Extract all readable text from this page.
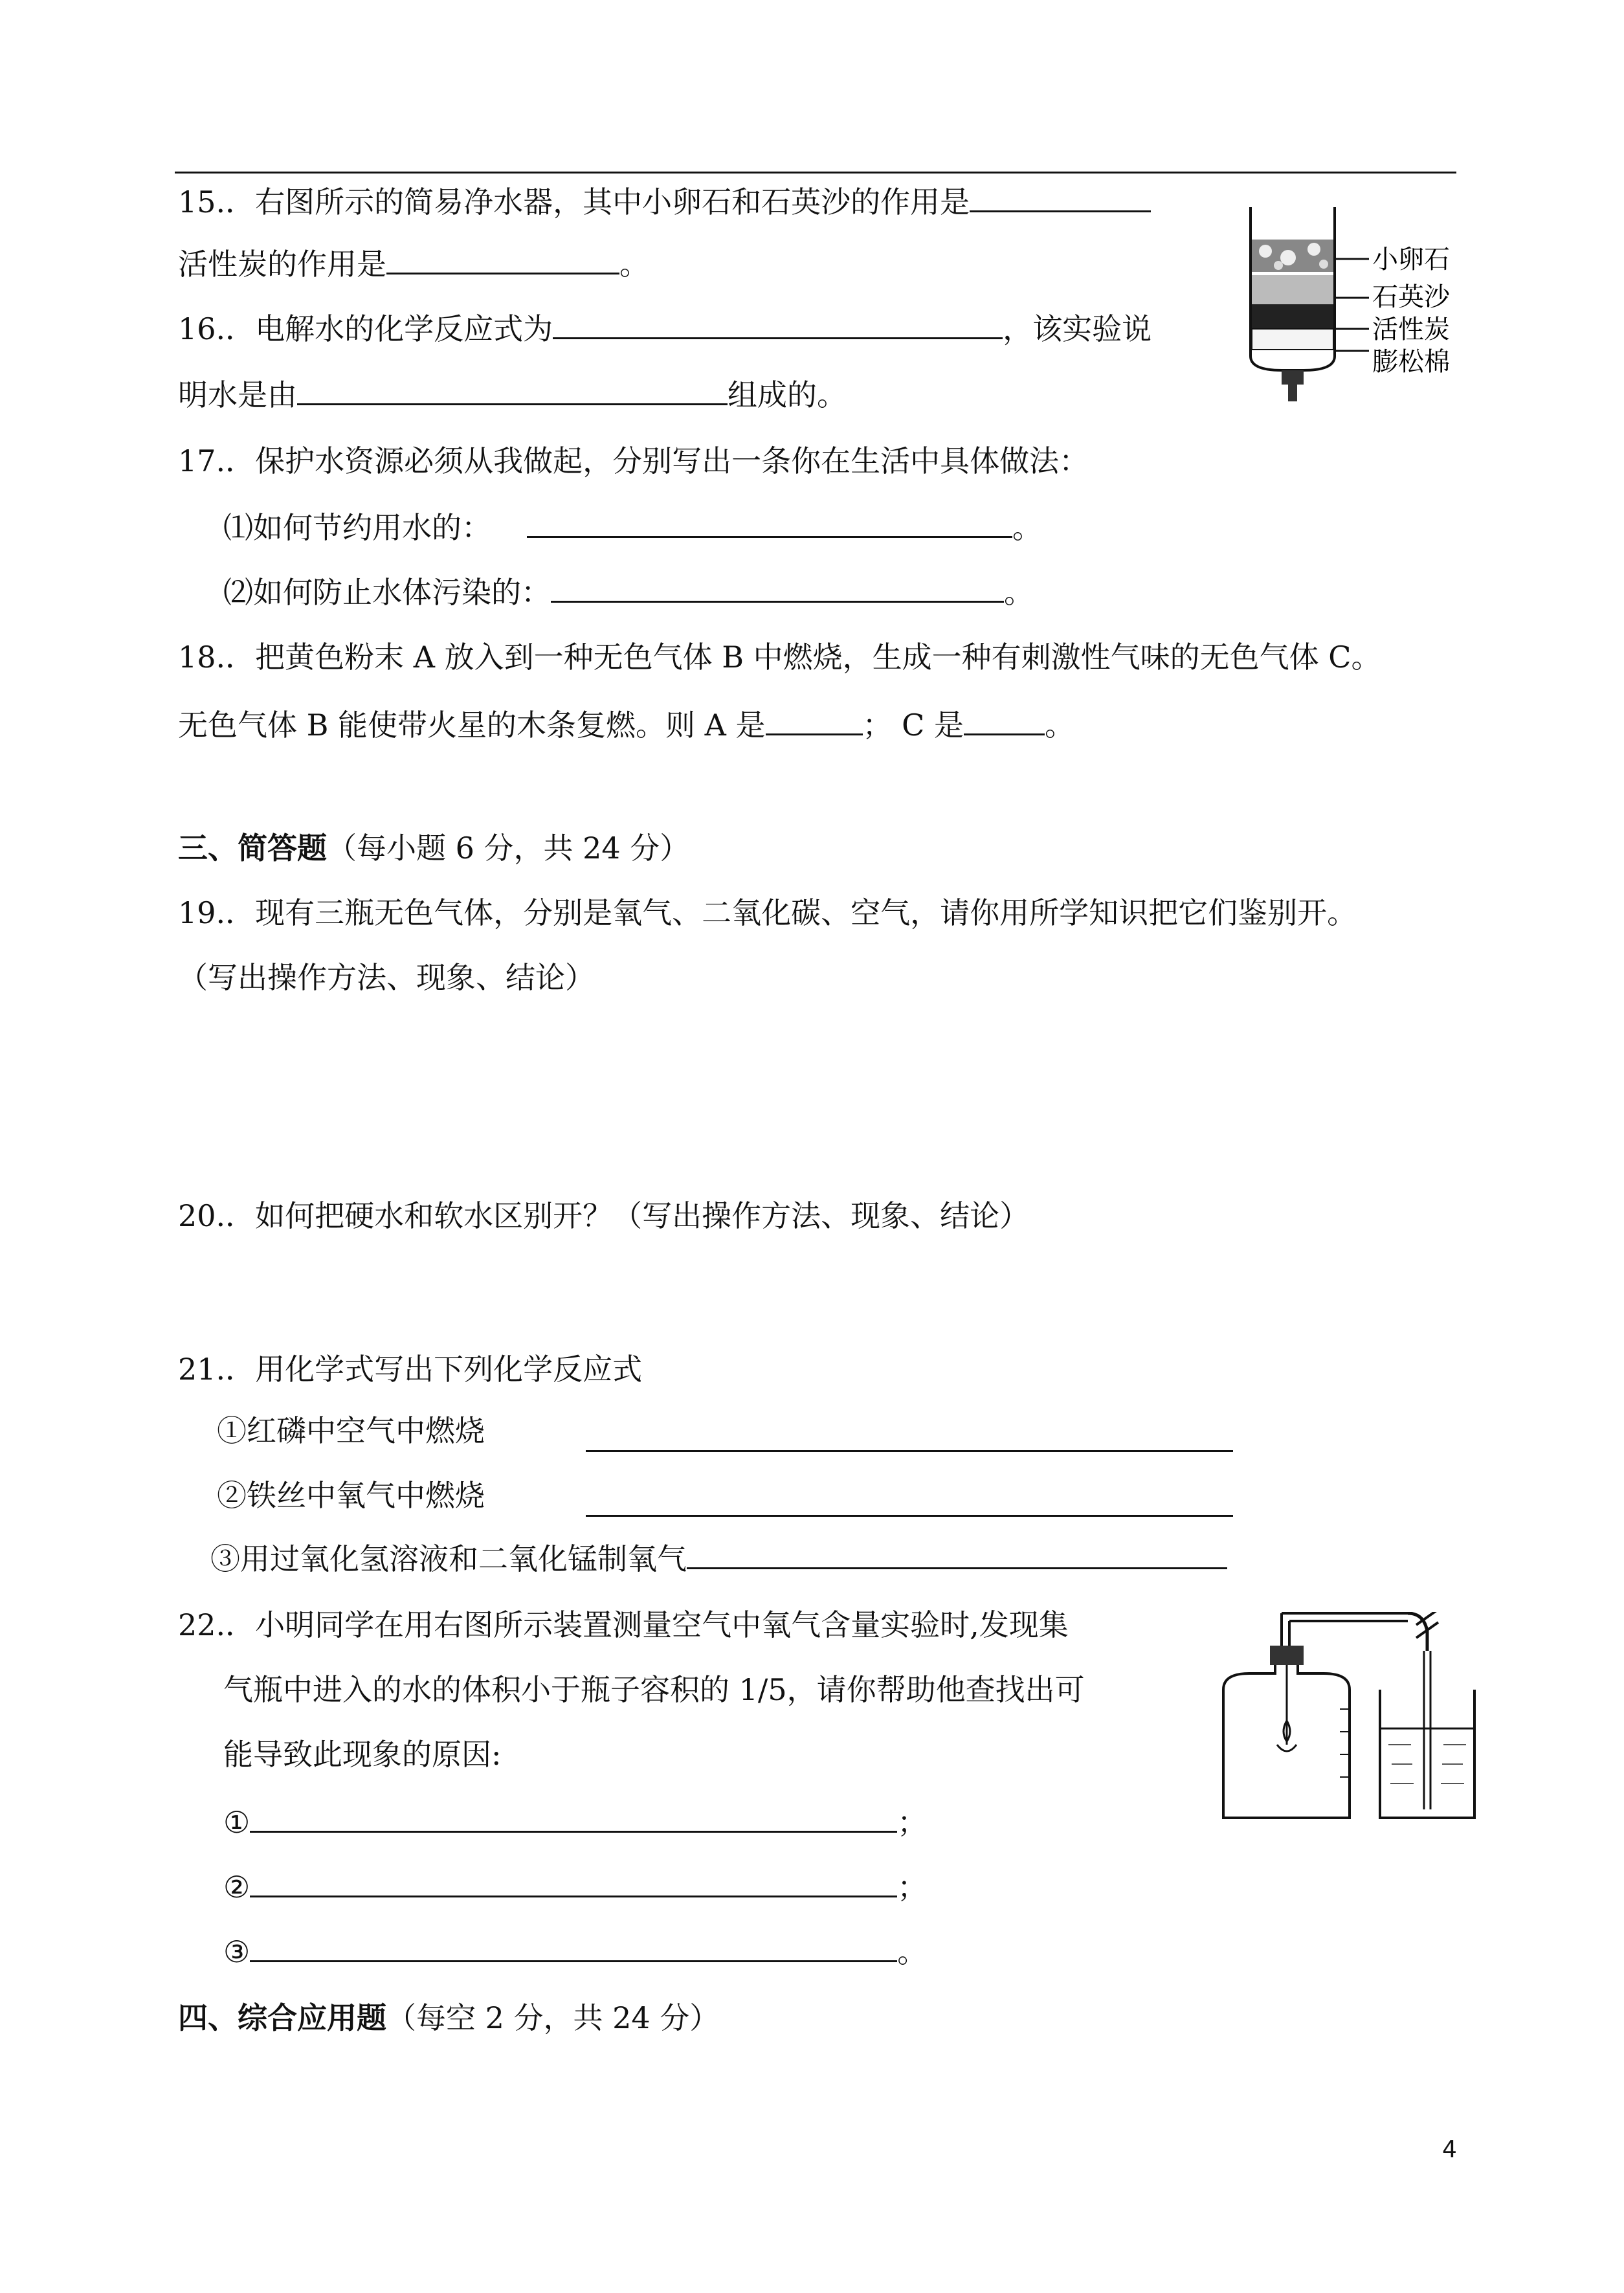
15.．右图所示的简易净水器，其中小卵石和石英沙的作用是
活性炭的作用是	。	小卵石
石英沙
活性炭
膨松棉
16.．电解水的化学反应式为	，该实验说
明水是由	组成的。
17.．保护水资源必须从我做起，分别写出一条你在生活中具体做法：
⑴如何节约用水的：	。
⑵如何防止水体污染的：	。
18.．把黄色粉末 A 放入到一种无色气体 B 中燃烧，生成一种有刺激性气味的无色气体 C。
无色气体 B 能使带火星的木条复燃。则 A 是	； C 是	。
三、简答题（每小题 6 分，共 24 分）
19.．现有三瓶无色气体，分别是氧气、二氧化碳、空气，请你用所学知识把它们鉴别开。
（写出操作方法、现象、结论）
20.．如何把硬水和软水区别开？（写出操作方法、现象、结论）
21.．用化学式写出下列化学反应式
①红磷中空气中燃烧
②铁丝中氧气中燃烧
③用过氧化氢溶液和二氧化锰制氧气
22.．小明同学在用右图所示装置测量空气中氧气含量实验时,发现集
气瓶中进入的水的体积小于瓶子容积的 1/5，请你帮助他查找出可
能导致此现象的原因:
①	；
②	；
③	。
四、综合应用题（每空 2 分，共 24 分）
4
